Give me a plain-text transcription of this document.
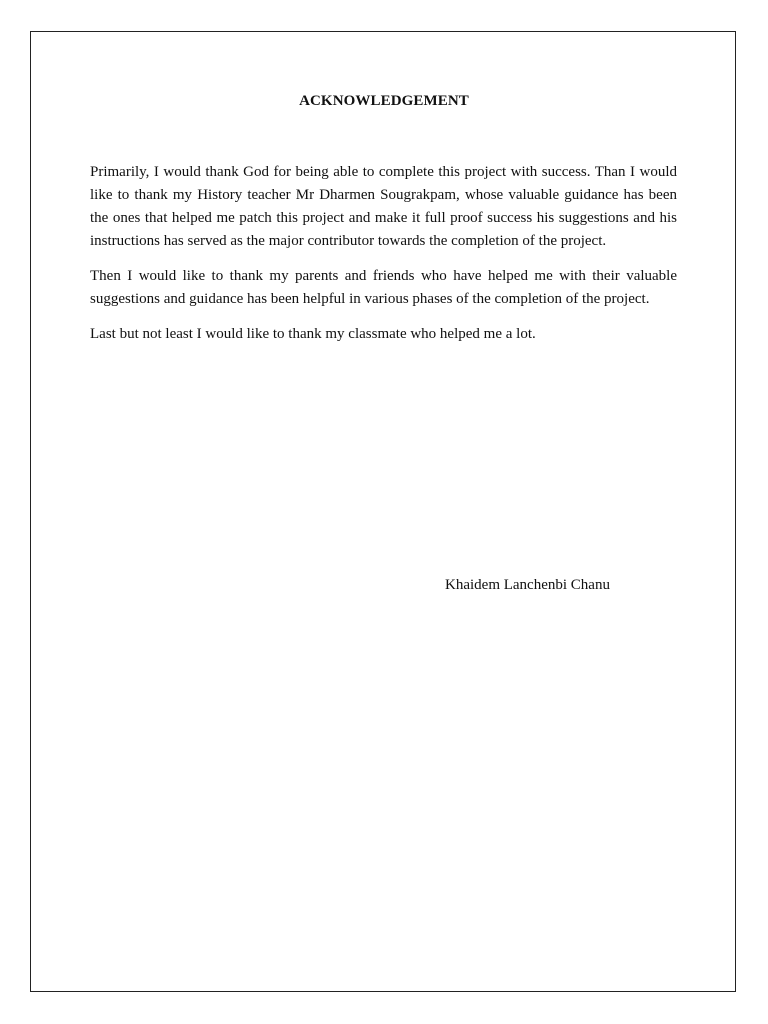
ACKNOWLEDGEMENT

Primarily, I would thank God for being able to complete this project with success. Than I would like to thank my History teacher Mr Dharmen Sougrakpam, whose valuable guidance has been the ones that helped me patch this project and make it full proof success his suggestions and his instructions has served as the major contributor towards the completion of the project.

Then I would like to thank my parents and friends who have helped me with their valuable suggestions and guidance has been helpful in various phases of the completion of the project.

Last but not least I would like to thank my classmate who helped me a lot.

Khaidem Lanchenbi Chanu
